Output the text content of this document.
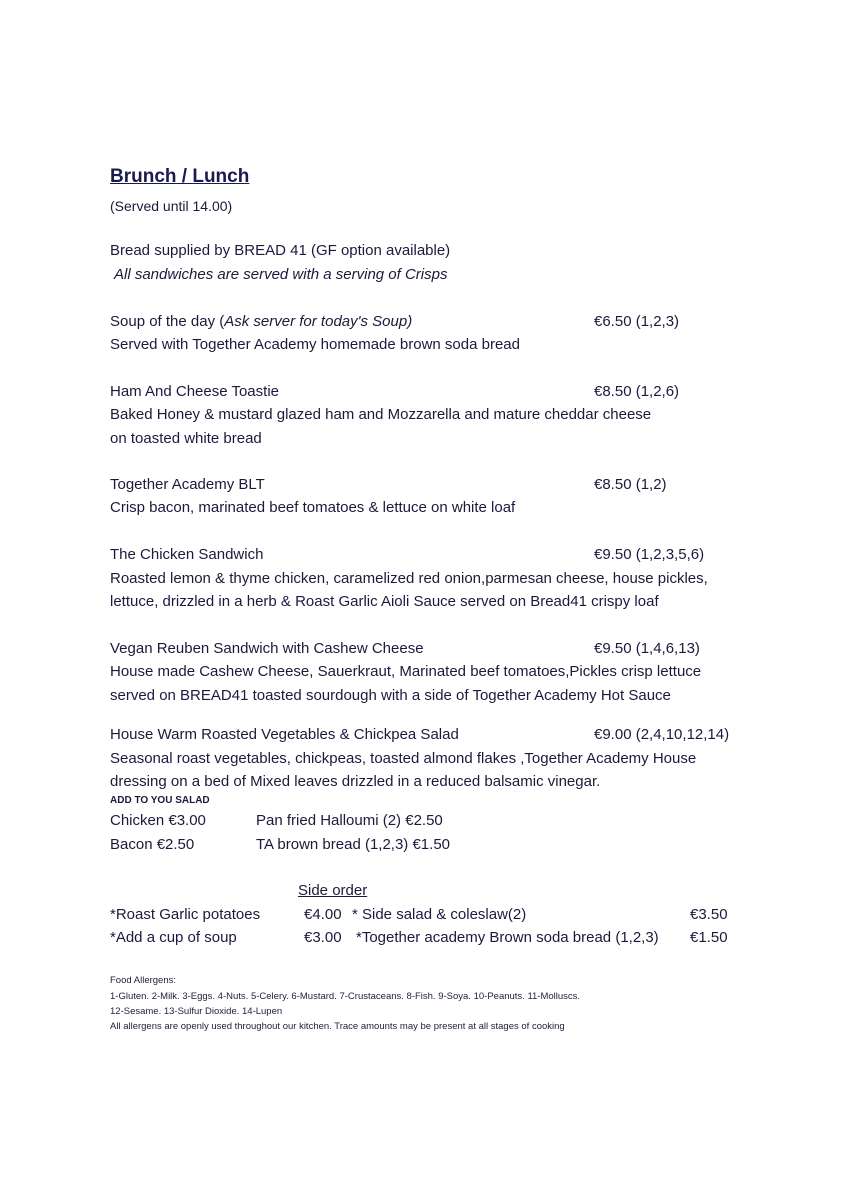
Brunch / Lunch
(Served until 14.00)
Bread supplied by BREAD 41 (GF option available)
All sandwiches are served with a serving of Crisps
Soup of the day (Ask server for today's Soup)	€6.50 (1,2,3)
Served with Together Academy homemade brown soda bread
Ham And Cheese Toastie	€8.50 (1,2,6)
Baked Honey & mustard glazed ham and Mozzarella and mature cheddar cheese
on toasted white bread
Together Academy BLT	€8.50 (1,2)
Crisp bacon, marinated beef tomatoes & lettuce on white loaf
The Chicken Sandwich	€9.50 (1,2,3,5,6)
Roasted lemon & thyme chicken, caramelized red onion,parmesan cheese, house pickles,
lettuce, drizzled in a herb & Roast Garlic Aioli Sauce served on Bread41 crispy loaf
Vegan Reuben Sandwich with Cashew Cheese	€9.50 (1,4,6,13)
House made Cashew Cheese, Sauerkraut, Marinated beef tomatoes,Pickles crisp lettuce
served on BREAD41 toasted sourdough with a side of Together Academy Hot Sauce
House Warm Roasted Vegetables & Chickpea Salad	€9.00 (2,4,10,12,14)
Seasonal roast vegetables, chickpeas, toasted almond flakes ,Together Academy House
dressing on a bed of Mixed leaves drizzled in a reduced balsamic vinegar.
ADD TO YOU SALAD
Chicken €3.00	Pan fried Halloumi (2) €2.50
Bacon €2.50	TA brown bread (1,2,3) €1.50
Side order
*Roast Garlic potatoes	€4.00 * Side salad & coleslaw(2)	€3.50
*Add a cup of soup	€3.00 *Together academy Brown soda bread (1,2,3) €1.50
Food Allergens:
1-Gluten. 2-Milk. 3-Eggs. 4-Nuts. 5-Celery. 6-Mustard. 7-Crustaceans. 8-Fish. 9-Soya. 10-Peanuts. 11-Molluscs.
12-Sesame. 13-Sulfur Dioxide. 14-Lupen
All allergens are openly used throughout our kitchen. Trace amounts may be present at all stages of cooking
